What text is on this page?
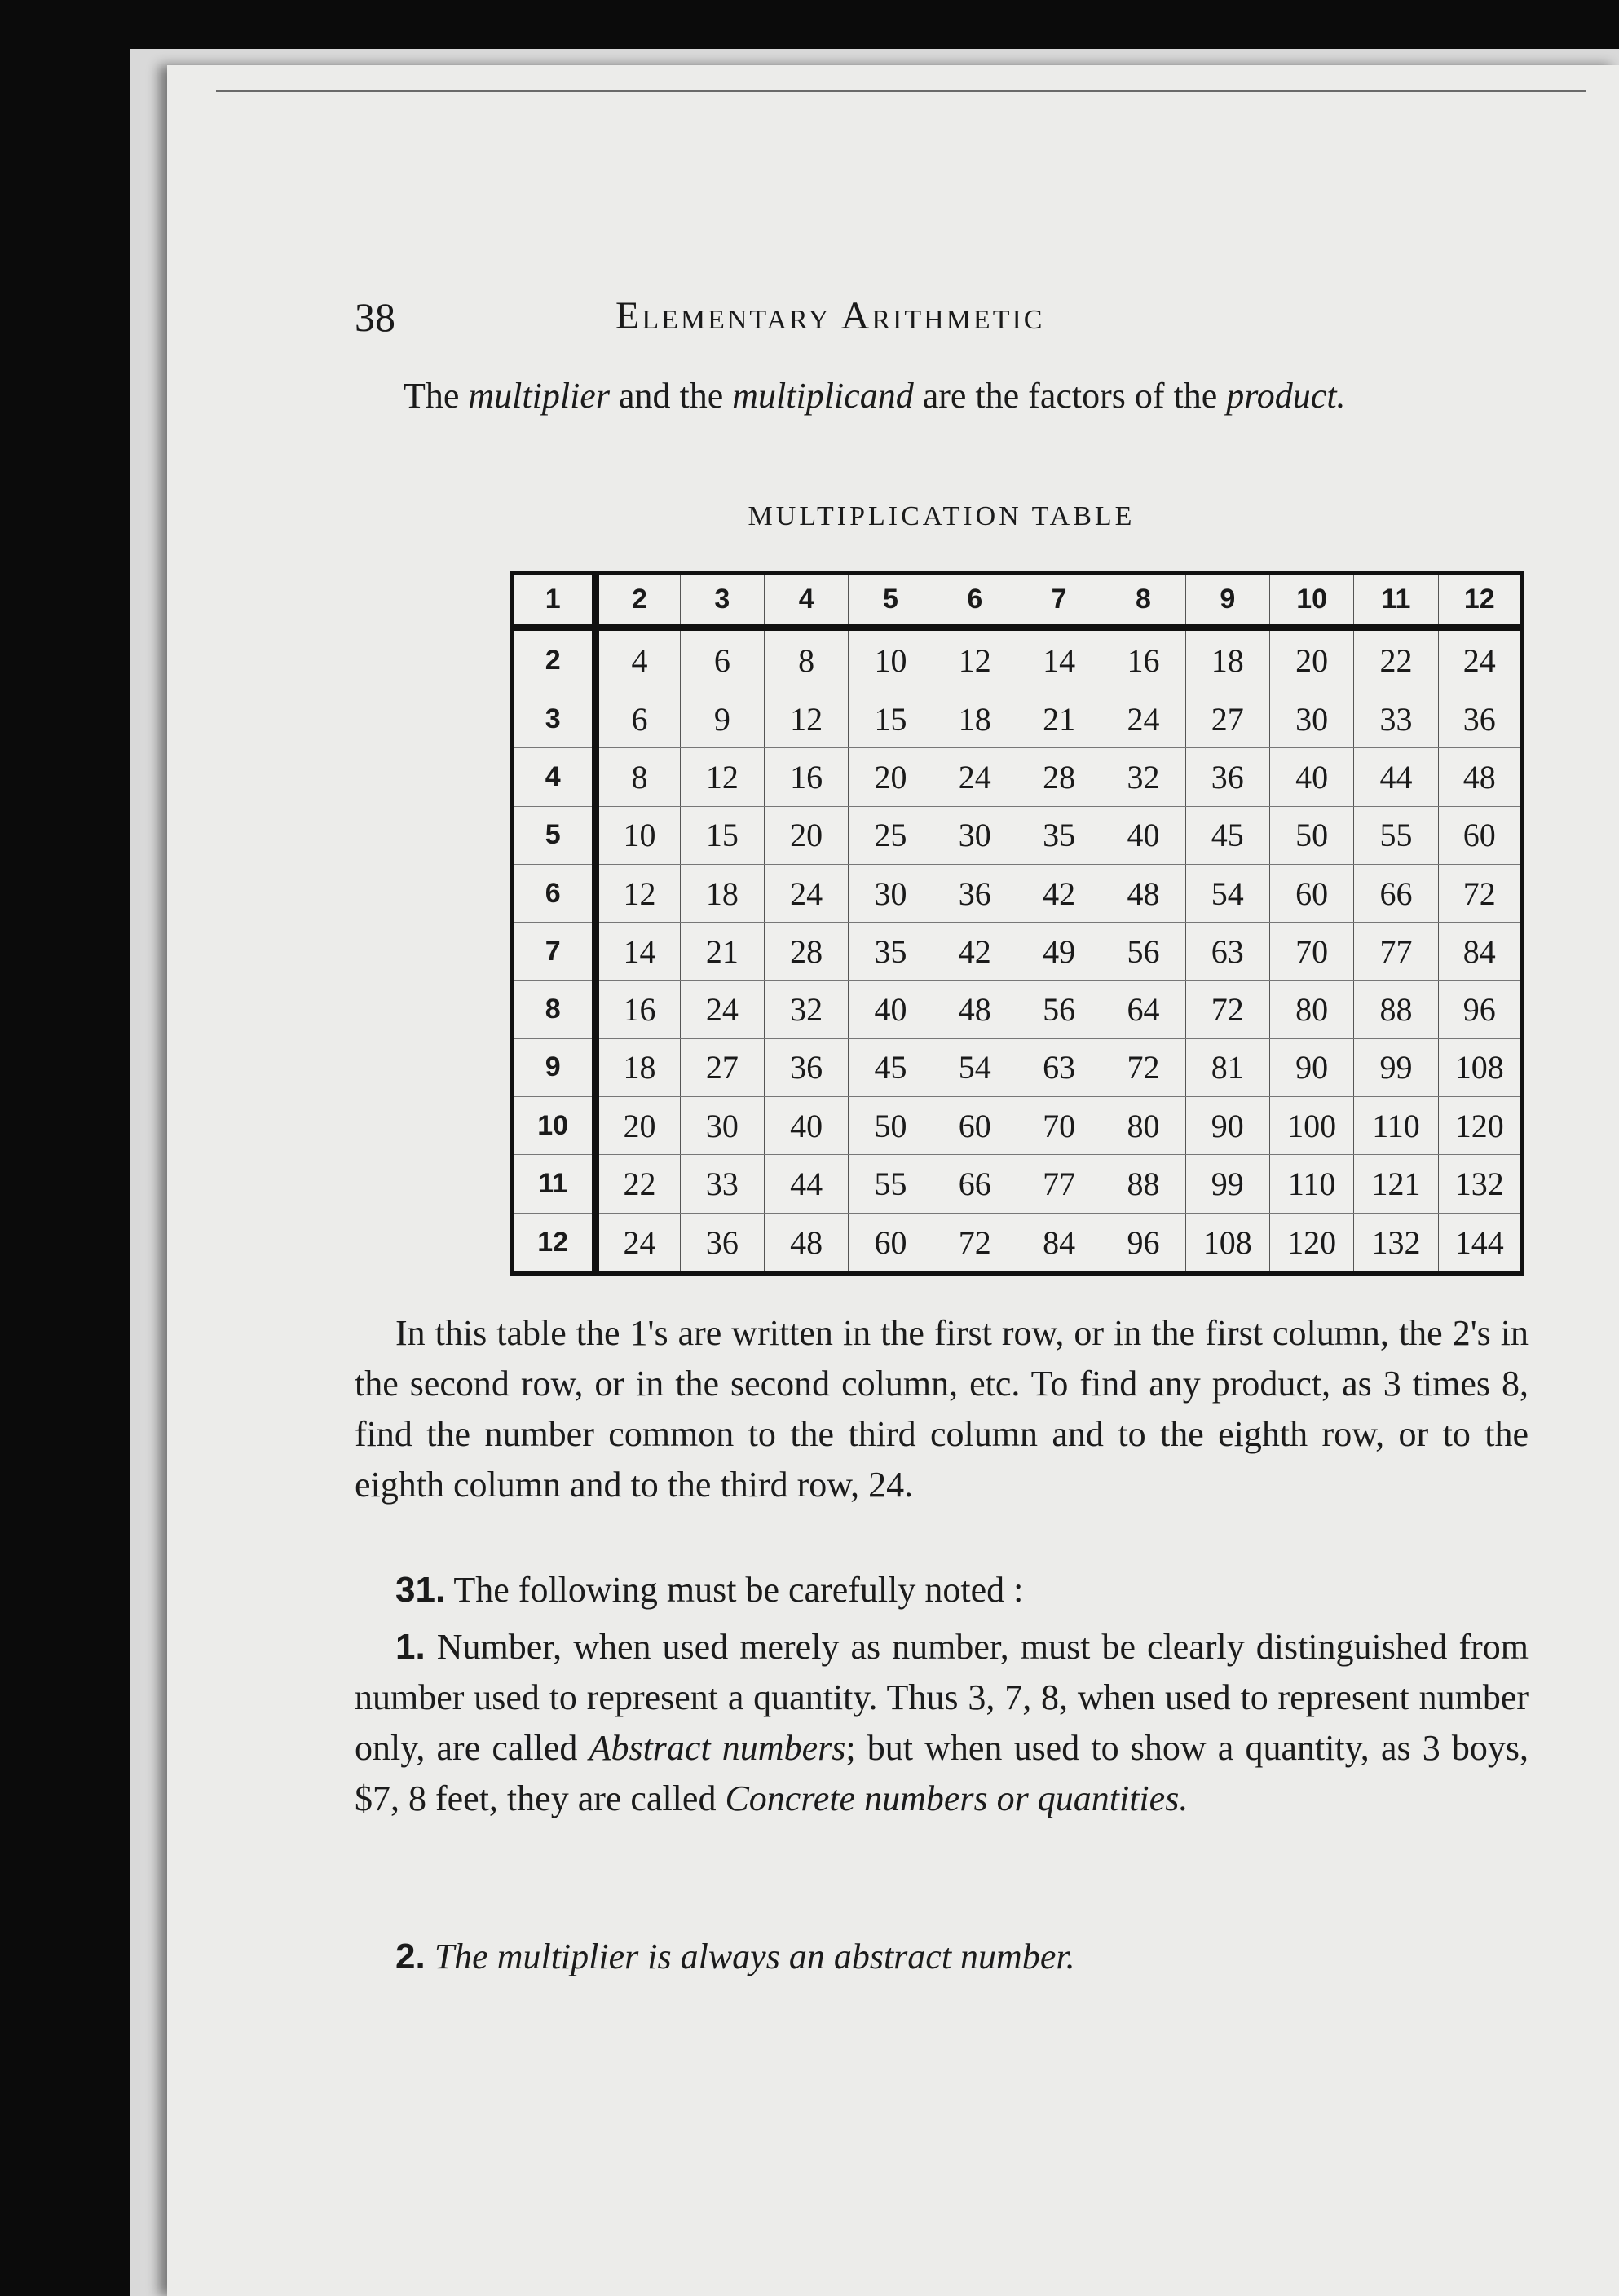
38	Elementary Arithmetic
The multiplier and the multiplicand are the factors of the product.
MULTIPLICATION TABLE
1	2	3	4	5	6	7	8	9	10	11	12
2	4	6	8	10	12	14	16	18	20	22	24
3	6	9	12	15	18	21	24	27	30	33	36
4	8	12	16	20	24	28	32	36	40	44	48
5	10	15	20	25	30	35	40	45	50	55	60
6	12	18	24	30	36	42	48	54	60	66	72
7	14	21	28	35	42	49	56	63	70	77	84
8	16	24	32	40	48	56	64	72	80	88	96
9	18	27	36	45	54	63	72	81	90	99	108
10	20	30	40	50	60	70	80	90	100	110	120
11	22	33	44	55	66	77	88	99	110	121	132
12	24	36	48	60	72	84	96	108	120	132	144
In this table the 1's are written in the first row, or in the first column, the 2's in the second row, or in the second column, etc. To find any product, as 3 times 8, find the number common to the third column and to the eighth row, or to the eighth column and to the third row, 24.
31. The following must be carefully noted :
1. Number, when used merely as number, must be clearly distinguished from number used to represent a quantity. Thus 3, 7, 8, when used to represent number only, are called Abstract numbers; but when used to show a quantity, as 3 boys, $7, 8 feet, they are called Concrete numbers or quantities.
2. The multiplier is always an abstract number.
